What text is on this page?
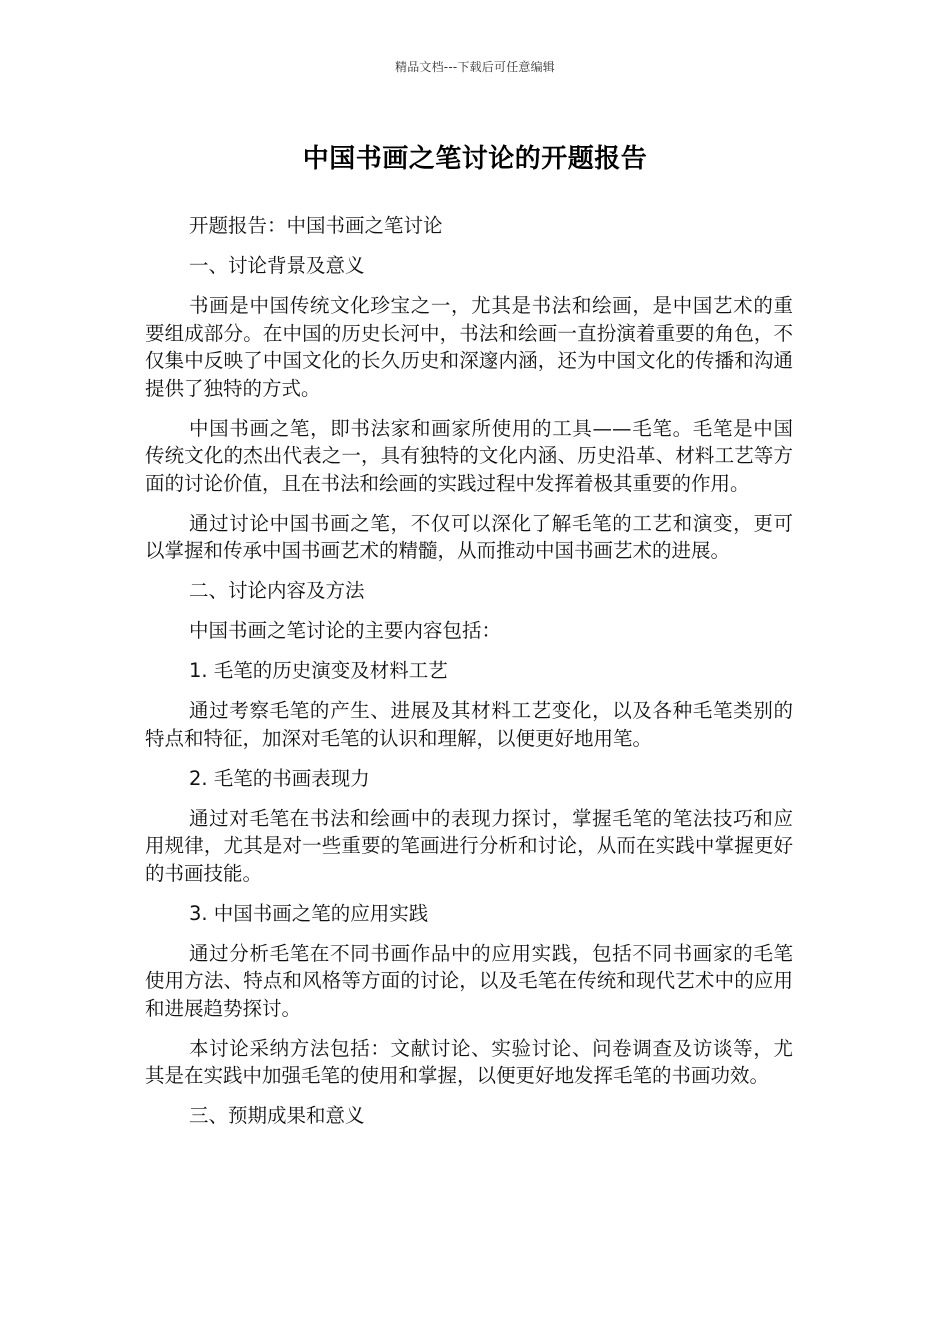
精品文档---下载后可任意编辑
中国书画之笔讨论的开题报告

开题报告：中国书画之笔讨论

一、讨论背景及意义

书画是中国传统文化珍宝之一，尤其是书法和绘画，是中国艺术的重要组成部分。在中国的历史长河中，书法和绘画一直扮演着重要的角色，不仅集中反映了中国文化的长久历史和深邃内涵，还为中国文化的传播和沟通提供了独特的方式。

中国书画之笔，即书法家和画家所使用的工具——毛笔。毛笔是中国传统文化的杰出代表之一，具有独特的文化内涵、历史沿革、材料工艺等方面的讨论价值，且在书法和绘画的实践过程中发挥着极其重要的作用。

通过讨论中国书画之笔，不仅可以深化了解毛笔的工艺和演变，更可以掌握和传承中国书画艺术的精髓，从而推动中国书画艺术的进展。

二、讨论内容及方法

中国书画之笔讨论的主要内容包括：

1. 毛笔的历史演变及材料工艺

通过考察毛笔的产生、进展及其材料工艺变化，以及各种毛笔类别的特点和特征，加深对毛笔的认识和理解，以便更好地用笔。

2. 毛笔的书画表现力

通过对毛笔在书法和绘画中的表现力探讨，掌握毛笔的笔法技巧和应用规律，尤其是对一些重要的笔画进行分析和讨论，从而在实践中掌握更好的书画技能。

3. 中国书画之笔的应用实践

通过分析毛笔在不同书画作品中的应用实践，包括不同书画家的毛笔使用方法、特点和风格等方面的讨论，以及毛笔在传统和现代艺术中的应用和进展趋势探讨。

本讨论采纳方法包括：文献讨论、实验讨论、问卷调查及访谈等，尤其是在实践中加强毛笔的使用和掌握，以便更好地发挥毛笔的书画功效。

三、预期成果和意义
